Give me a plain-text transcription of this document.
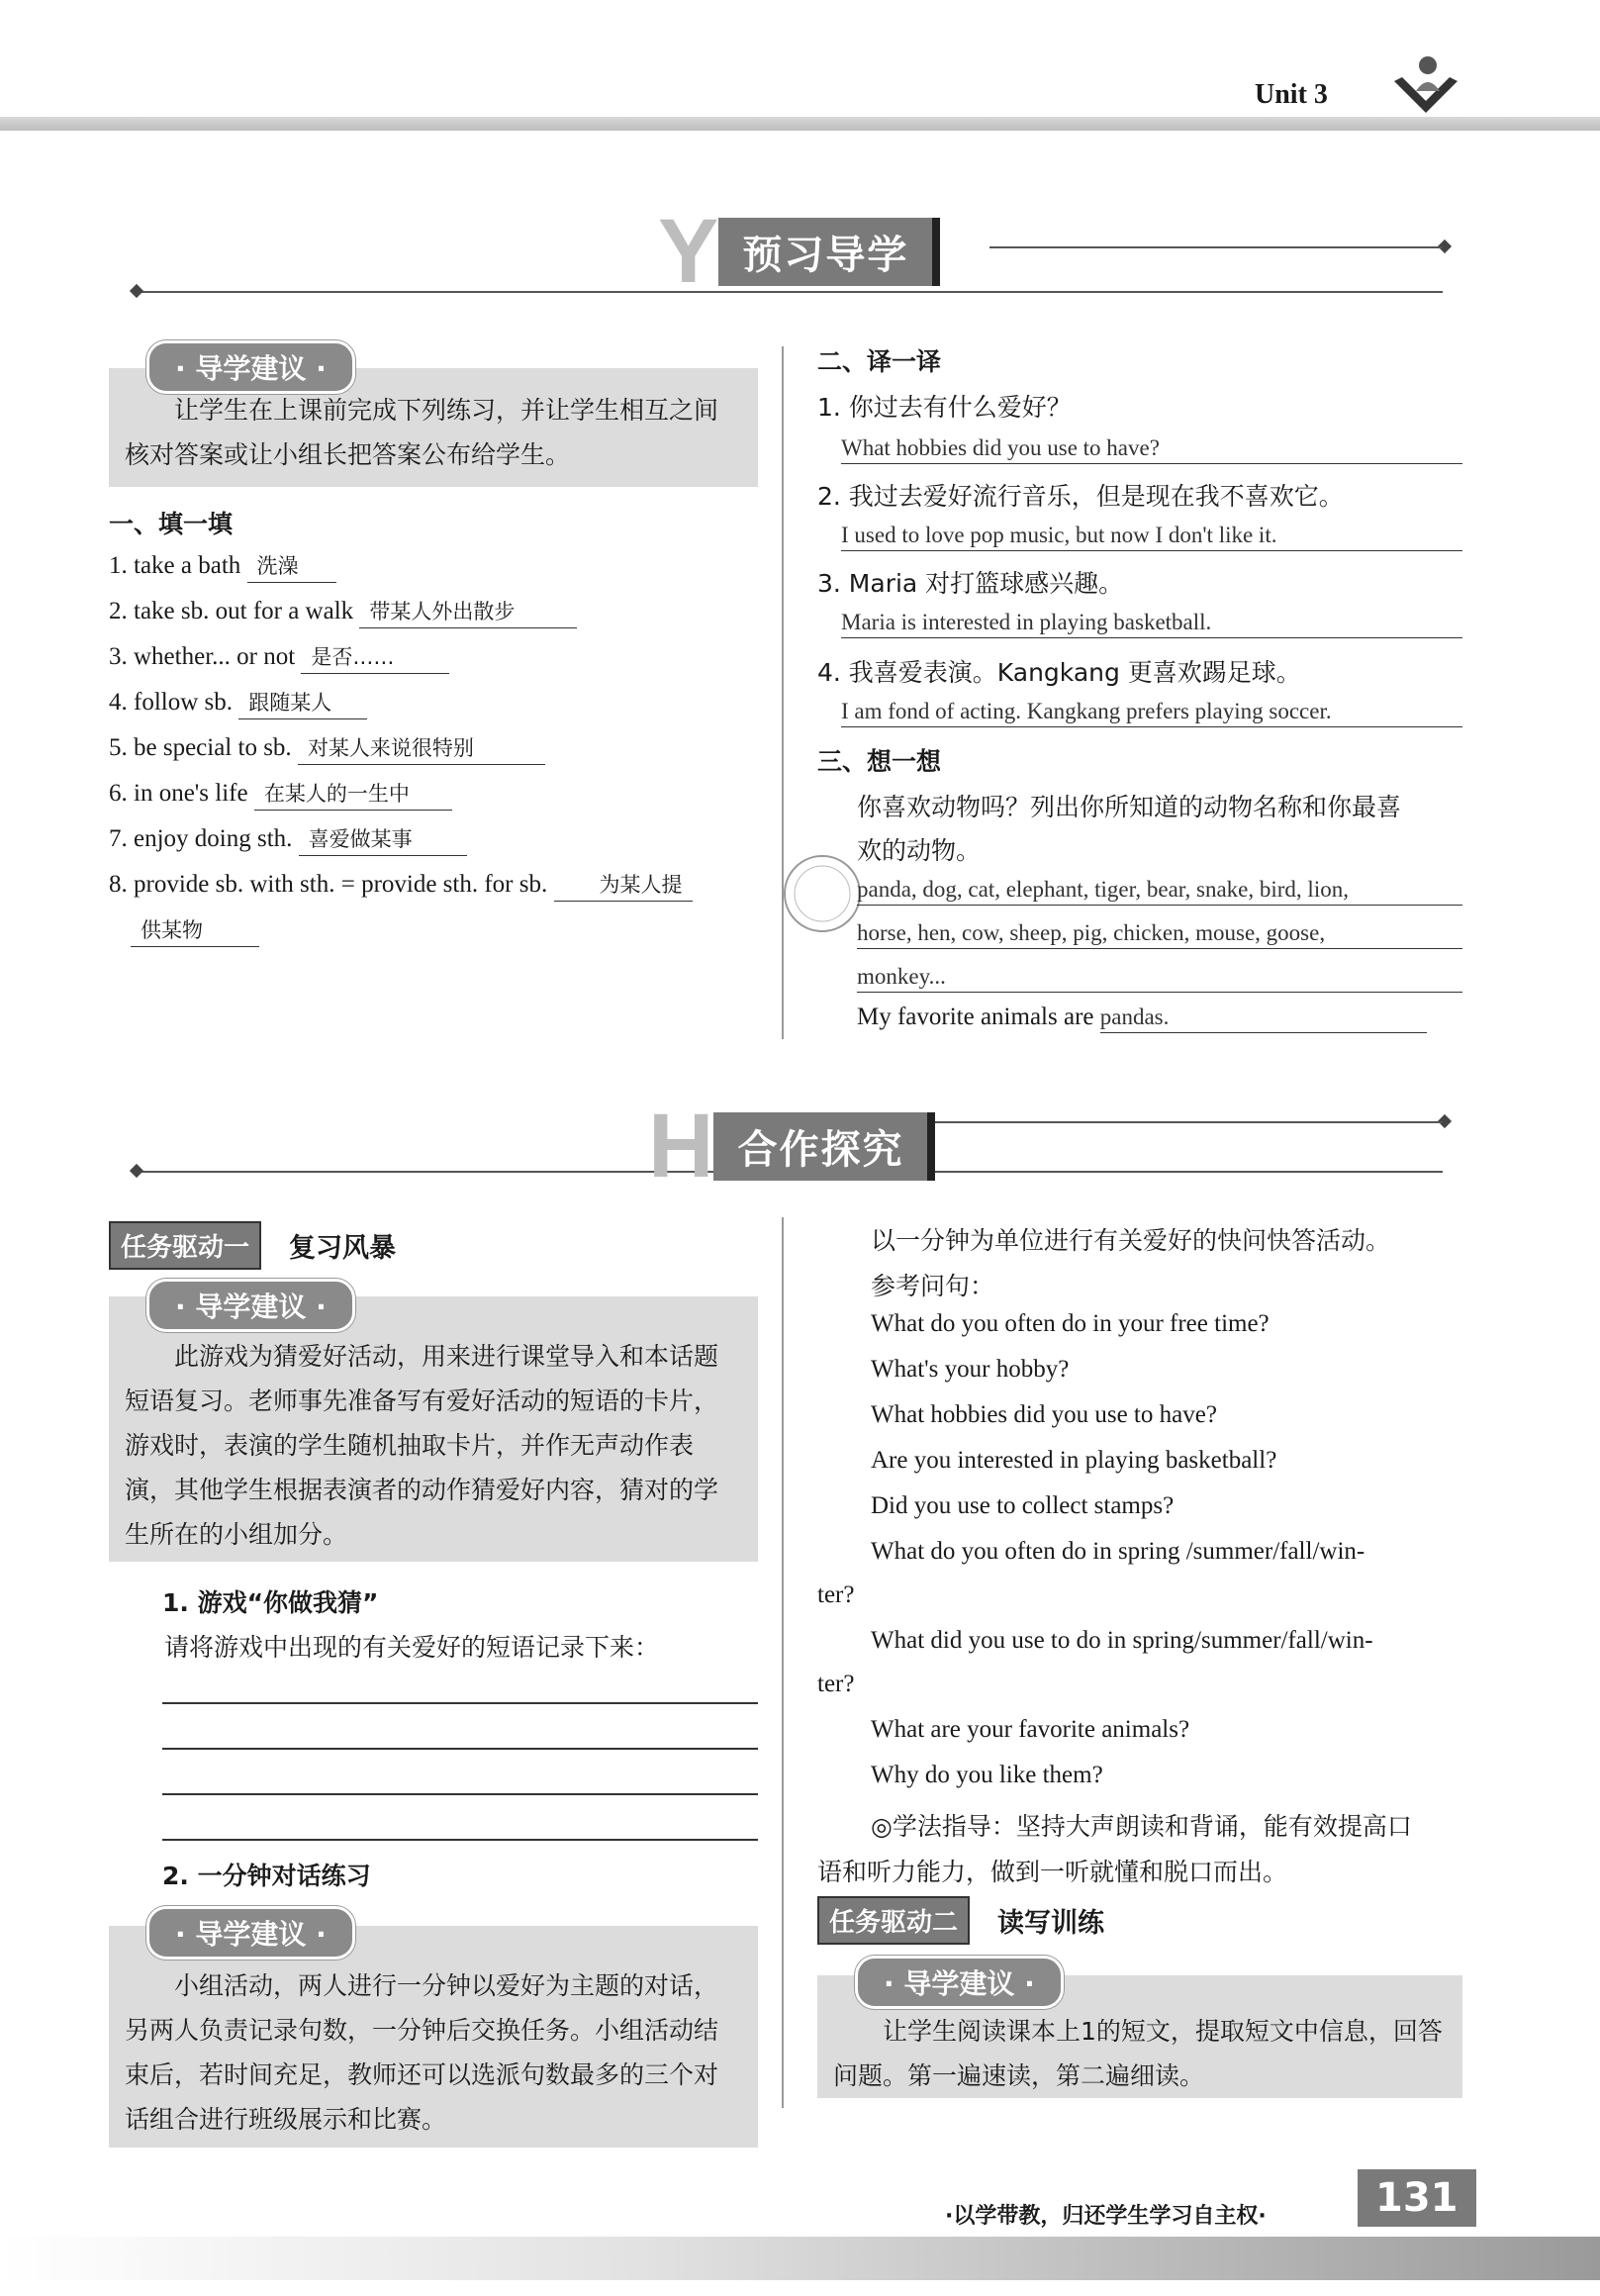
Unit 3
Y 预习导学
让学生在上课前完成下列练习，并让学生相互之间核对答案或让小组长把答案公布给学生。
· 导学建议 ·
一、填一填
1. take a bath 洗澡
2. take sb. out for a walk 带某人外出散步
3. whether... or not 是否……
4. follow sb. 跟随某人
5. be special to sb. 对某人来说很特别
6. in one's life 在某人的一生中
7. enjoy doing sth. 喜爱做某事
8. provide sb. with sth. = provide sth. for sb. 为某人提
供某物
二、译一译
1. 你过去有什么爱好？
What hobbies did you use to have?
2. 我过去爱好流行音乐，但是现在我不喜欢它。
I used to love pop music, but now I don't like it.
3. Maria 对打篮球感兴趣。
Maria is interested in playing basketball.
4. 我喜爱表演。Kangkang 更喜欢踢足球。
I am fond of acting. Kangkang prefers playing soccer.
三、想一想
你喜欢动物吗？列出你所知道的动物名称和你最喜
欢的动物。
panda, dog, cat, elephant, tiger, bear, snake, bird, lion,
horse, hen, cow, sheep, pig, chicken, mouse, goose,
monkey...
My favorite animals are pandas.
H 合作探究
任务驱动一	复习风暴
此游戏为猜爱好活动，用来进行课堂导入和本话题短语复习。老师事先准备写有爱好活动的短语的卡片，游戏时，表演的学生随机抽取卡片，并作无声动作表演，其他学生根据表演者的动作猜爱好内容，猜对的学生所在的小组加分。
· 导学建议 ·
1. 游戏“你做我猜”
请将游戏中出现的有关爱好的短语记录下来：
2. 一分钟对话练习
小组活动，两人进行一分钟以爱好为主题的对话，另两人负责记录句数，一分钟后交换任务。小组活动结束后，若时间充足，教师还可以选派句数最多的三个对话组合进行班级展示和比赛。
· 导学建议 ·
以一分钟为单位进行有关爱好的快问快答活动。
参考问句：
What do you often do in your free time?
What's your hobby?
What hobbies did you use to have?
Are you interested in playing basketball?
Did you use to collect stamps?
What do you often do in spring /summer/fall/win-
ter?
What did you use to do in spring/summer/fall/win-
ter?
What are your favorite animals?
Why do you like them?
◎学法指导：坚持大声朗读和背诵，能有效提高口
语和听力能力，做到一听就懂和脱口而出。
任务驱动二	读写训练
让学生阅读课本上1的短文，提取短文中信息，回答问题。第一遍速读，第二遍细读。
· 导学建议 ·
·以学带教，归还学生学习自主权·	131
